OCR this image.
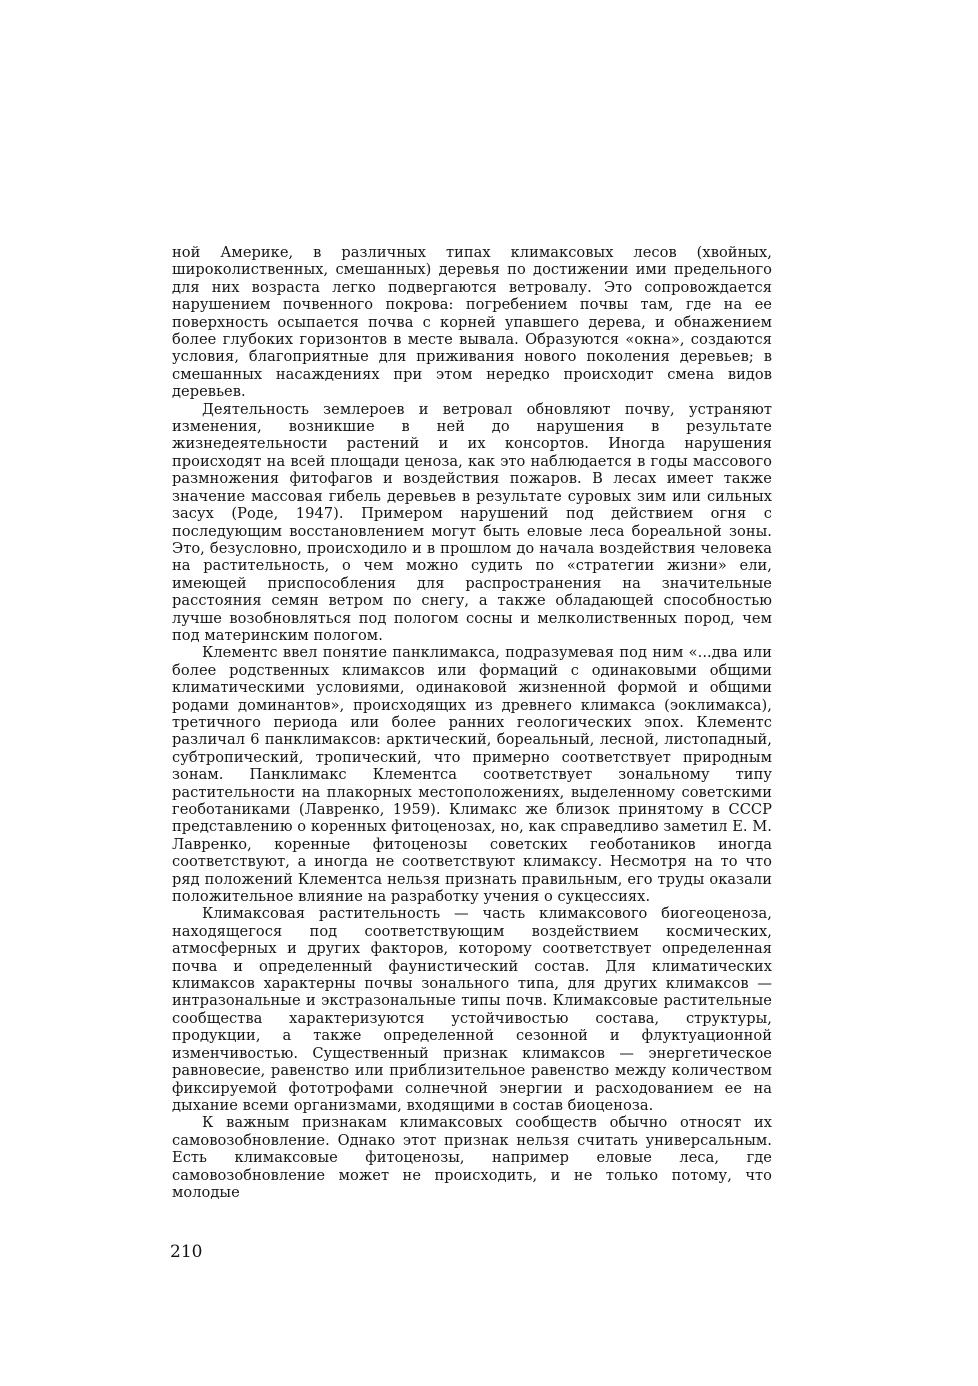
ной Америке, в различных типах климаксовых лесов (хвойных, широколиственных, смешанных) деревья по достижении ими предельного для них возраста легко подвергаются ветровалу. Это сопровождается нарушением почвенного покрова: погребением почвы там, где на ее поверхность осыпается почва с корней упавшего дерева, и обнажением более глубоких горизонтов в месте вывала. Образуются «окна», создаются условия, благоприятные для приживания нового поколения деревьев; в смешанных насаждениях при этом нередко происходит смена видов деревьев.

Деятельность землероев и ветровал обновляют почву, устраняют изменения, возникшие в ней до нарушения в результате жизнедеятельности растений и их консортов. Иногда нарушения происходят на всей площади ценоза, как это наблюдается в годы массового размножения фитофагов и воздействия пожаров. В лесах имеет также значение массовая гибель деревьев в результате суровых зим или сильных засух (Роде, 1947). Примером нарушений под действием огня с последующим восстановлением могут быть еловые леса бореальной зоны. Это, безусловно, происходило и в прошлом до начала воздействия человека на растительность, о чем можно судить по «стратегии жизни» ели, имеющей приспособления для распространения на значительные расстояния семян ветром по снегу, а также обладающей способностью лучше возобновляться под пологом сосны и мелколиственных пород, чем под материнским пологом.

Клементс ввел понятие панклимакса, подразумевая под ним «...два или более родственных климаксов или формаций с одинаковыми общими климатическими условиями, одинаковой жизненной формой и общими родами доминантов», происходящих из древнего климакса (эоклимакса), третичного периода или более ранних геологических эпох. Клементс различал 6 панклимаксов: арктический, бореальный, лесной, листопадный, субтропический, тропический, что примерно соответствует природным зонам. Панклимакс Клементса соответствует зональному типу растительности на плакорных местоположениях, выделенному советскими геоботаниками (Лавренко, 1959). Климакс же близок принятому в СССР представлению о коренных фитоценозах, но, как справедливо заметил Е. М. Лавренко, коренные фитоценозы советских геоботаников иногда соответствуют, а иногда не соответствуют климаксу. Несмотря на то что ряд положений Клементса нельзя признать правильным, его труды оказали положительное влияние на разработку учения о сукцессиях.

Климаксовая растительность — часть климаксового биогеоценоза, находящегося под соответствующим воздействием космических, атмосферных и других факторов, которому соответствует определенная почва и определенный фаунистический состав. Для климатических климаксов характерны почвы зонального типа, для других климаксов — интразональные и экстразональные типы почв. Климаксовые растительные сообщества характеризуются устойчивостью состава, структуры, продукции, а также определенной сезонной и флуктуационной изменчивостью. Существенный признак климаксов — энергетическое равновесие, равенство или приблизительное равенство между количеством фиксируемой фототрофами солнечной энергии и расходованием ее на дыхание всеми организмами, входящими в состав биоценоза.

К важным признакам климаксовых сообществ обычно относят их самовозобновление. Однако этот признак нельзя считать универсальным. Есть климаксовые фитоценозы, например еловые леса, где самовозобновление может не происходить, и не только потому, что молодые

210
